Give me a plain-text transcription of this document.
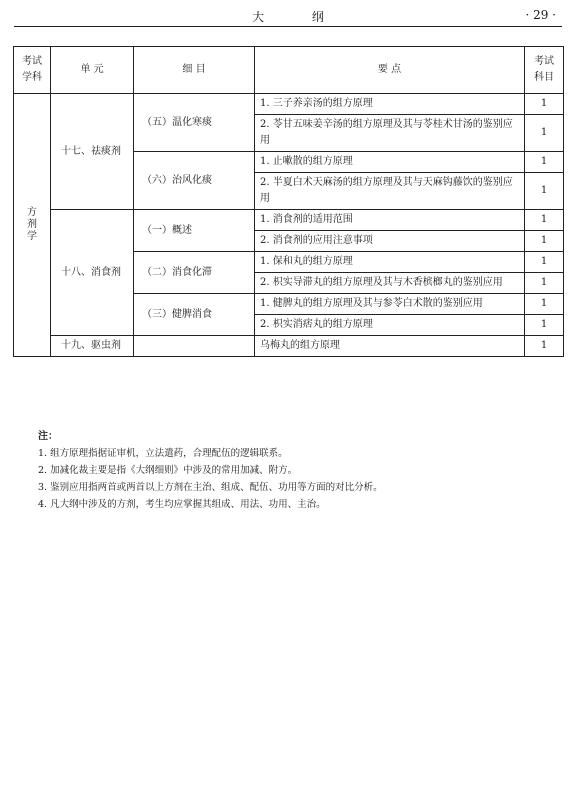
大 纲	· 29 ·
考试学科	单 元	细 目	要 点	考试科目

方剂学	十七、祛痰剂	（五）温化寒痰	1. 三子养亲汤的组方原理	1
			2. 苓甘五味姜辛汤的组方原理及其与苓桂术甘汤的鉴别应用	1
		（六）治风化痰	1. 止嗽散的组方原理	1
			2. 半夏白术天麻汤的组方原理及其与天麻钩藤饮的鉴别应用	1
	十八、消食剂	（一）概述	1. 消食剂的适用范围	1
			2. 消食剂的应用注意事项	1
		（二）消食化滞	1. 保和丸的组方原理	1
			2. 枳实导滞丸的组方原理及其与木香槟榔丸的鉴别应用	1
		（三）健脾消食	1. 健脾丸的组方原理及其与参苓白术散的鉴别应用	1
			2. 枳实消痞丸的组方原理	1
	十九、驱虫剂		乌梅丸的组方原理	1
注：
1. 组方原理指据证审机，立法遣药，合理配伍的逻辑联系。
2. 加减化裁主要是指《大纲细则》中涉及的常用加减、附方。
3. 鉴别应用指两首或两首以上方剂在主治、组成、配伍、功用等方面的对比分析。
4. 凡大纲中涉及的方剂，考生均应掌握其组成、用法、功用、主治。
